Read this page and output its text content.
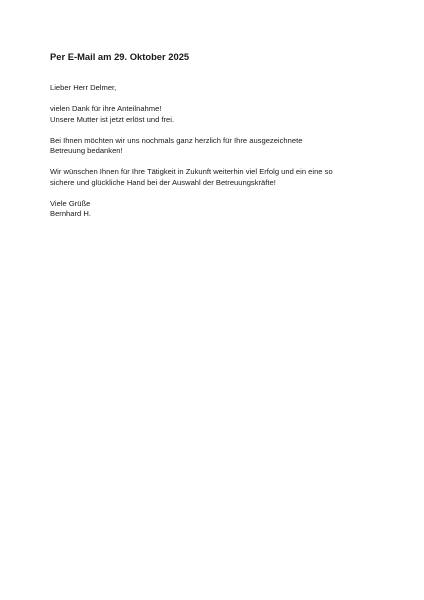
Per E-Mail am 29. Oktober 2025
Lieber Herr Delmer,
vielen Dank für ihre Anteilnahme!
Unsere Mutter ist jetzt erlöst und frei.
Bei Ihnen möchten wir uns nochmals ganz herzlich für Ihre ausgezeichnete
Betreuung bedanken!
Wir wünschen Ihnen für Ihre Tätigkeit in Zukunft weiterhin viel Erfolg und ein eine so
sichere und glückliche Hand bei der Auswahl der Betreuungskräfte!
Viele Grüße
Bernhard H.
